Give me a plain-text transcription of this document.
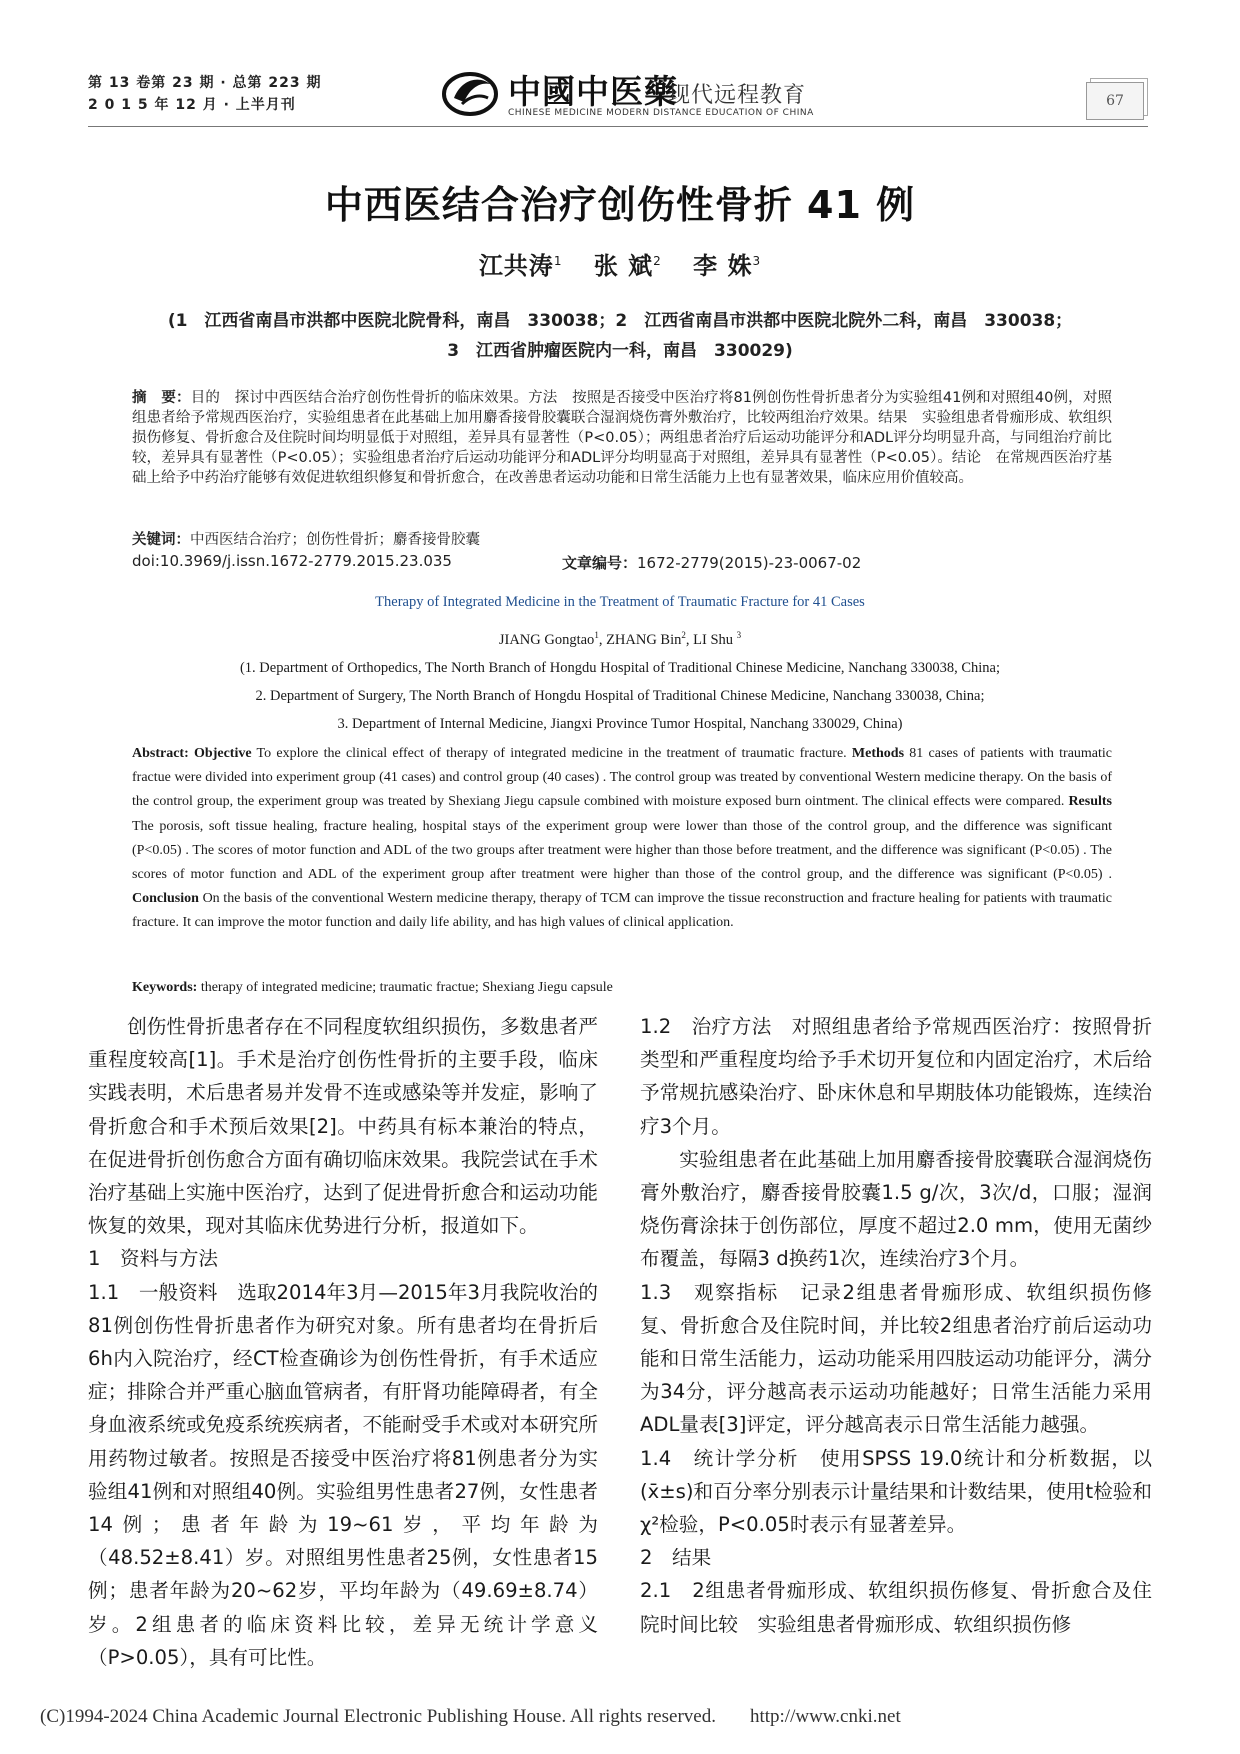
第 13 卷第 23 期 · 总第 223 期
2 0 1 5 年 12 月 · 上半月刊	中國中医藥
现代远程教育
CHINESE MEDICINE MODERN DISTANCE EDUCATION OF CHINA
67
中西医结合治疗创伤性骨折 41 例
江共涛$^1$ 张 斌$^2$ 李 姝$^3$
(1　江西省南昌市洪都中医院北院骨科，南昌　330038；2　江西省南昌市洪都中医院北院外二科，南昌　330038；
3　江西省肿瘤医院内一科，南昌　330029)
摘　要：目的　探讨中西医结合治疗创伤性骨折的临床效果。方法　按照是否接受中医治疗将81例创伤性骨折患者分为实验组41例和对照组40例，对照组患者给予常规西医治疗，实验组患者在此基础上加用麝香接骨胶囊联合湿润烧伤膏外敷治疗，比较两组治疗效果。结果　实验组患者骨痂形成、软组织损伤修复、骨折愈合及住院时间均明显低于对照组，差异具有显著性（P<0.05）；两组患者治疗后运动功能评分和ADL评分均明显升高，与同组治疗前比较，差异具有显著性（P<0.05）；实验组患者治疗后运动功能评分和ADL评分均明显高于对照组，差异具有显著性（P<0.05）。结论　在常规西医治疗基础上给予中药治疗能够有效促进软组织修复和骨折愈合，在改善患者运动功能和日常生活能力上也有显著效果，临床应用价值较高。
关键词：中西医结合治疗；创伤性骨折；麝香接骨胶囊
doi:10.3969/j.issn.1672-2779.2015.23.035	文章编号：1672-2779(2015)-23-0067-02
Therapy of Integrated Medicine in the Treatment of Traumatic Fracture for 41 Cases
JIANG Gongtao$^1$, ZHANG Bin$^2$, LI Shu $^3$
(1. Department of Orthopedics, The North Branch of Hongdu Hospital of Traditional Chinese Medicine, Nanchang 330038, China;
2. Department of Surgery, The North Branch of Hongdu Hospital of Traditional Chinese Medicine, Nanchang 330038, China;
3. Department of Internal Medicine, Jiangxi Province Tumor Hospital, Nanchang 330029, China)
Abstract: Objective To explore the clinical effect of therapy of integrated medicine in the treatment of traumatic fracture. Methods 81 cases of patients with traumatic fractue were divided into experiment group (41 cases) and control group (40 cases) . The control group was treated by conventional Western medicine therapy. On the basis of the control group, the experiment group was treated by Shexiang Jiegu capsule combined with moisture exposed burn ointment. The clinical effects were compared. Results The porosis, soft tissue healing, fracture healing, hospital stays of the experiment group were lower than those of the control group, and the difference was significant (P<0.05) . The scores of motor function and ADL of the two groups after treatment were higher than those before treatment, and the difference was significant (P<0.05) . The scores of motor function and ADL of the experiment group after treatment were higher than those of the control group, and the difference was significant (P<0.05) . Conclusion On the basis of the conventional Western medicine therapy, therapy of TCM can improve the tissue reconstruction and fracture healing for patients with traumatic fracture. It can improve the motor function and daily life ability, and has high values of clinical application.
Keywords: therapy of integrated medicine; traumatic fractue; Shexiang Jiegu capsule

创伤性骨折患者存在不同程度软组织损伤，多数患者严重程度较高[1]。手术是治疗创伤性骨折的主要手段，临床实践表明，术后患者易并发骨不连或感染等并发症，影响了骨折愈合和手术预后效果[2]。中药具有标本兼治的特点，在促进骨折创伤愈合方面有确切临床效果。我院尝试在手术治疗基础上实施中医治疗，达到了促进骨折愈合和运动功能恢复的效果，现对其临床优势进行分析，报道如下。

1　资料与方法

1.1　一般资料　选取2014年3月—2015年3月我院收治的81例创伤性骨折患者作为研究对象。所有患者均在骨折后6h内入院治疗，经CT检查确诊为创伤性骨折，有手术适应症；排除合并严重心脑血管病者，有肝肾功能障碍者，有全身血液系统或免疫系统疾病者，不能耐受手术或对本研究所用药物过敏者。按照是否接受中医治疗将81例患者分为实验组41例和对照组40例。实验组男性患者27例，女性患者14例；患者年龄为19~61岁，平均年龄为（48.52±8.41）岁。对照组男性患者25例，女性患者15例；患者年龄为20~62岁，平均年龄为（49.69±8.74）岁。2组患者的临床资料比较，差异无统计学意义（P>0.05），具有可比性。

1.2　治疗方法　对照组患者给予常规西医治疗：按照骨折类型和严重程度均给予手术切开复位和内固定治疗，术后给予常规抗感染治疗、卧床休息和早期肢体功能锻炼，连续治疗3个月。

实验组患者在此基础上加用麝香接骨胶囊联合湿润烧伤膏外敷治疗，麝香接骨胶囊1.5 g/次，3次/d，口服；湿润烧伤膏涂抹于创伤部位，厚度不超过2.0 mm，使用无菌纱布覆盖，每隔3 d换药1次，连续治疗3个月。

1.3　观察指标　记录2组患者骨痂形成、软组织损伤修复、骨折愈合及住院时间，并比较2组患者治疗前后运动功能和日常生活能力，运动功能采用四肢运动功能评分，满分为34分，评分越高表示运动功能越好；日常生活能力采用ADL量表[3]评定，评分越高表示日常生活能力越强。

1.4　统计学分析　使用SPSS 19.0统计和分析数据，以(x̄±s)和百分率分别表示计量结果和计数结果，使用t检验和χ²检验，P<0.05时表示有显著差异。

2　结果

2.1　2组患者骨痂形成、软组织损伤修复、骨折愈合及住院时间比较　实验组患者骨痂形成、软组织损伤修

(C)1994-2024 China Academic Journal Electronic Publishing House. All rights reserved. http://www.cnki.net
